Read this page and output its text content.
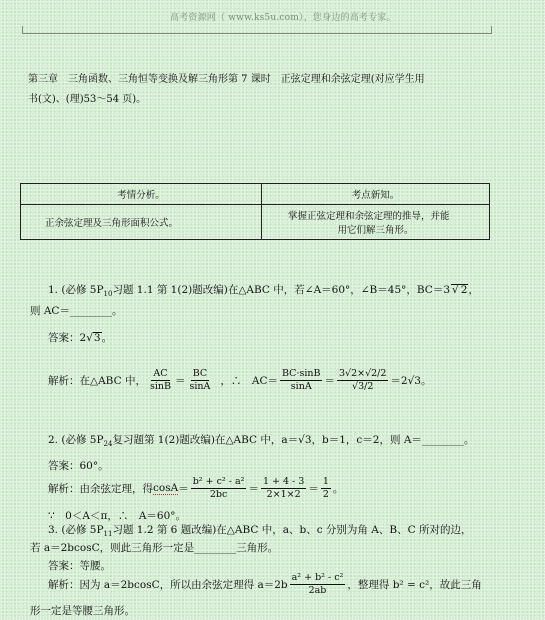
高考资源网（ www.ks5u.com），您身边的高考专家。
第三章　三角函数、三角恒等变换及解三角形第 7 课时　正弦定理和余弦定理(对应学生用
书(文)、(理)53～54 页)。
考情分析。	考点新知。
正余弦定理及三角形面积公式。	掌握正弦定理和余弦定理的推导，并能
用它们解三角形。
1. (必修 $5P_{10}$习题 1.1 第 1(2)题改编)在△ABC 中，若∠A＝60°，∠B＝45°，BC＝3 √ 2，
则 AC＝________。
答案：2√3。
解析： 在△ABC 中， $\frac{AC}{\sin B} = \frac{BC}{\sin A}$ ，∴　$AC= \frac{BC\cdot\sin B}{\sin A} = \frac{3√2\times√2/2}{√3/2} =2√3$。
2. (必修 $5P_{24}$复习题第 1(2)题改编)在△ABC 中，a＝√3，b＝1，c＝2，则 A＝________。
答案：60°。
解析：由余弦定理，得 $\cos A = \frac{\text{b² + c² - a²}}{2bc} = \frac{1 + 4 - 3}{2\times 1\times 2} = \frac{1}{2}$ 。
∵　0＜A＜π，∴　A＝60°。
3. (必修 $5P_{11}$习题 1.2 第 6 题改编)在△ABC 中，a、b、c 分别为角 A、B、C 所对的边，
若 a＝2bcosC，则此三角形一定是________三角形。
答案：等腰。
解析：因为 a＝2bcosC，所以由余弦定理得 $a=2b \frac{\text{a² + b² - c²}}{2ab}$ ，整理得 b² = c²，故此三角
形一定是等腰三角形。
